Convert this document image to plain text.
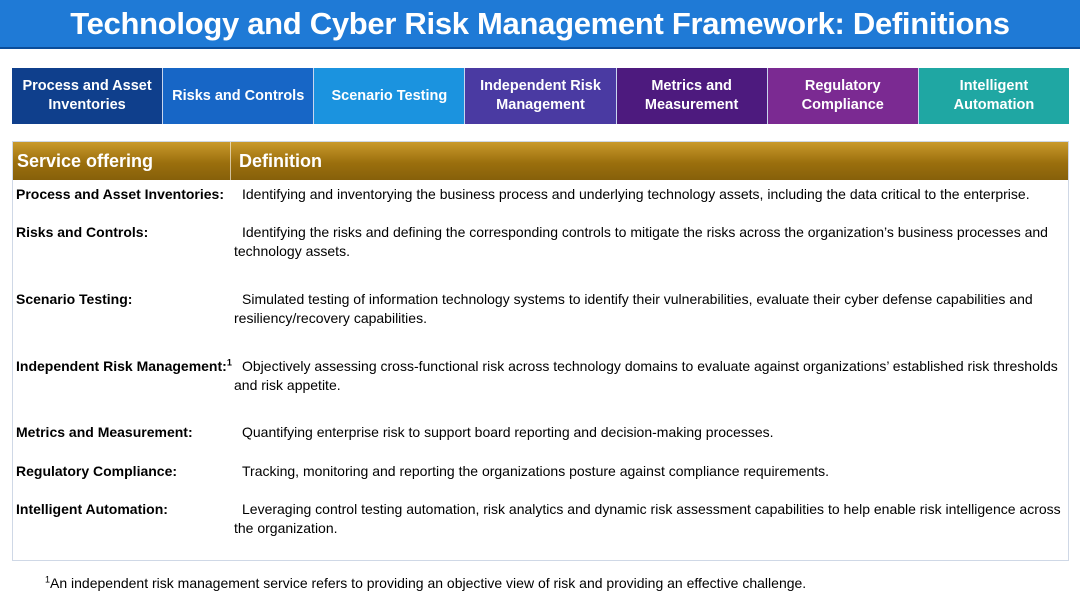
Technology and Cyber Risk Management Framework: Definitions
Process and Asset Inventories
Risks and Controls	Scenario Testing
Independent Risk Management
Metrics and Measurement
Regulatory Compliance
Intelligent Automation
Service offering	Definition
Process and Asset Inventories:	Identifying and inventorying the business process and underlying technology assets, including the data critical to the enterprise.
Risks and Controls:	Identifying the risks and defining the corresponding controls to mitigate the risks across the organization’s business processes and technology assets.
Scenario Testing:	Simulated testing of information technology systems to identify their vulnerabilities, evaluate their cyber defense capabilities and resiliency/recovery capabilities.
Independent Risk Management:$^1$ Objectively assessing cross-functional risk across technology domains to evaluate against organizations’ established risk thresholds and risk appetite.
Metrics and Measurement:	Quantifying enterprise risk to support board reporting and decision-making processes.
Regulatory Compliance:	Tracking, monitoring and reporting the organizations posture against compliance requirements.
Intelligent Automation:	Leveraging control testing automation, risk analytics and dynamic risk assessment capabilities to help enable risk intelligence across the organization.
$^1$An independent risk management service refers to providing an objective view of risk and providing an effective challenge.
